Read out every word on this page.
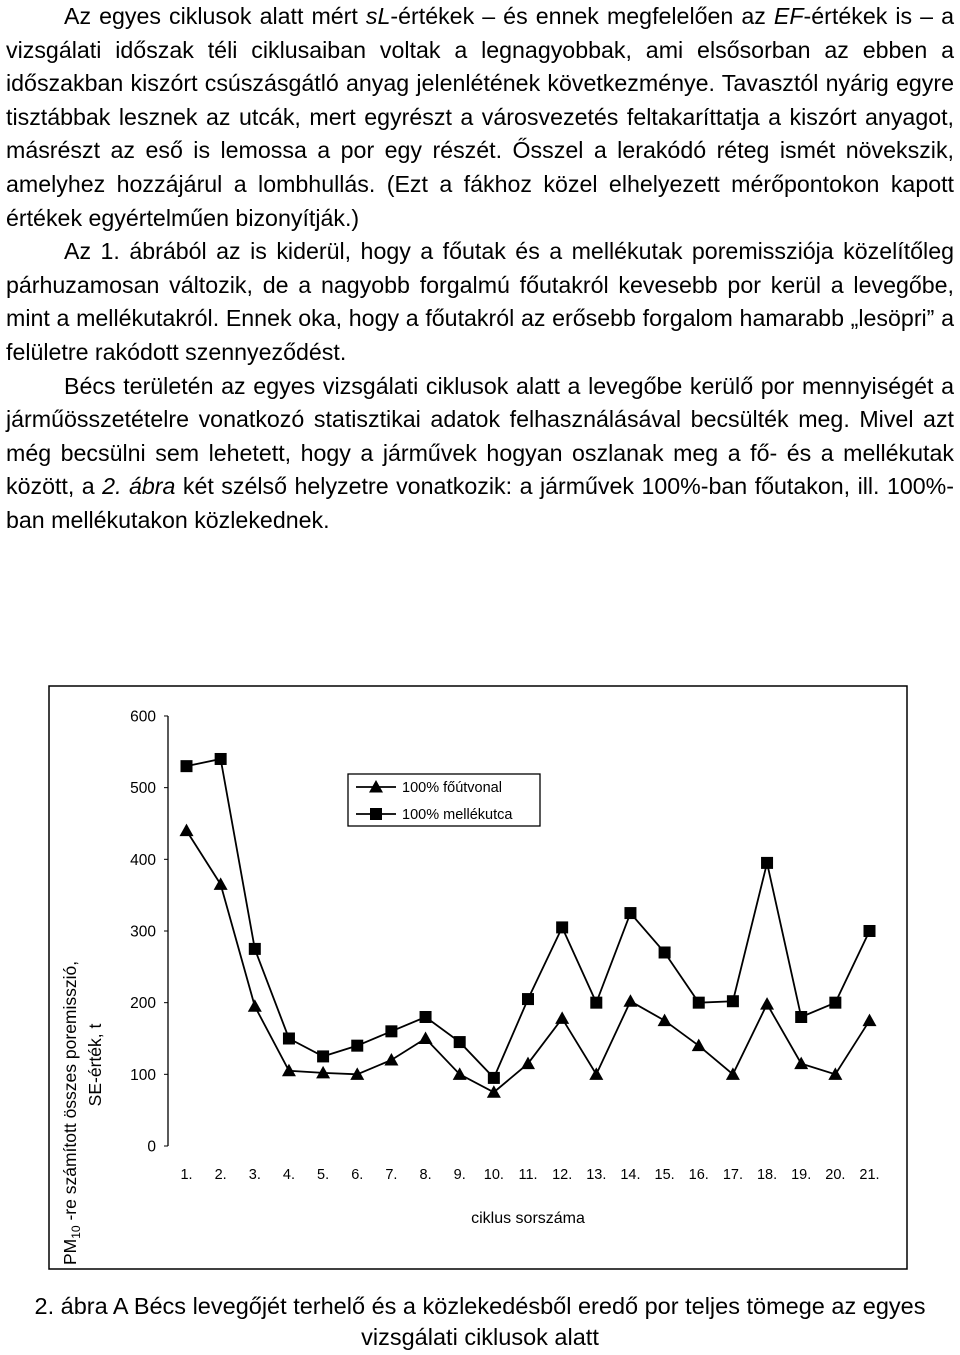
Az egyes ciklusok alatt mért sL-értékek – és ennek megfelelően az EF-értékek is – a vizsgálati időszak téli ciklusaiban voltak a legnagyobbak, ami elsősorban az ebben a időszakban kiszórt csúszásgátló anyag jelenlétének következménye. Tavasztól nyárig egyre tisztábbak lesznek az utcák, mert egyrészt a városvezetés feltakaríttatja a kiszórt anyagot, másrészt az eső is lemossa a por egy részét. Ősszel a lerakódó réteg ismét növekszik, amelyhez hozzájárul a lombhullás. (Ezt a fákhoz közel elhelyezett mérőpontokon kapott értékek egyértelműen bizonyítják.)

Az 1. ábrából az is kiderül, hogy a főutak és a mellékutak poremissziója közelítőleg párhuzamosan változik, de a nagyobb forgalmú főutakról kevesebb por kerül a levegőbe, mint a mellékutakról. Ennek oka, hogy a főutakról az erősebb forgalom hamarabb „lesöpri” a felületre rakódott szennyeződést.

Bécs területén az egyes vizsgálati ciklusok alatt a levegőbe kerülő por mennyiségét a járműösszetételre vonatkozó statisztikai adatok felhasználásával becsülték meg. Mivel azt még becsülni sem lehetett, hogy a járművek hogyan oszlanak meg a fő- és a mellékutak között, a 2. ábra két szélső helyzetre vonatkozik: a járművek 100%-ban főutakon, ill. 100%-ban mellékutakon közlekednek.

0
100
200
300
400
500
600
1. 2. 3. 4. 5. 6. 7. 8. 9. 10. 11. 12. 13. 14. 15. 16. 17. 18. 19. 20. 21.
100% főútvonal
100% mellékutca
$PM_{10}$ -re számított összes poremisszió, SE-érték, t
ciklus sorszáma
2. ábra A Bécs levegőjét terhelő és a közlekedésből eredő por teljes tömege az egyes vizsgálati ciklusok alatt
